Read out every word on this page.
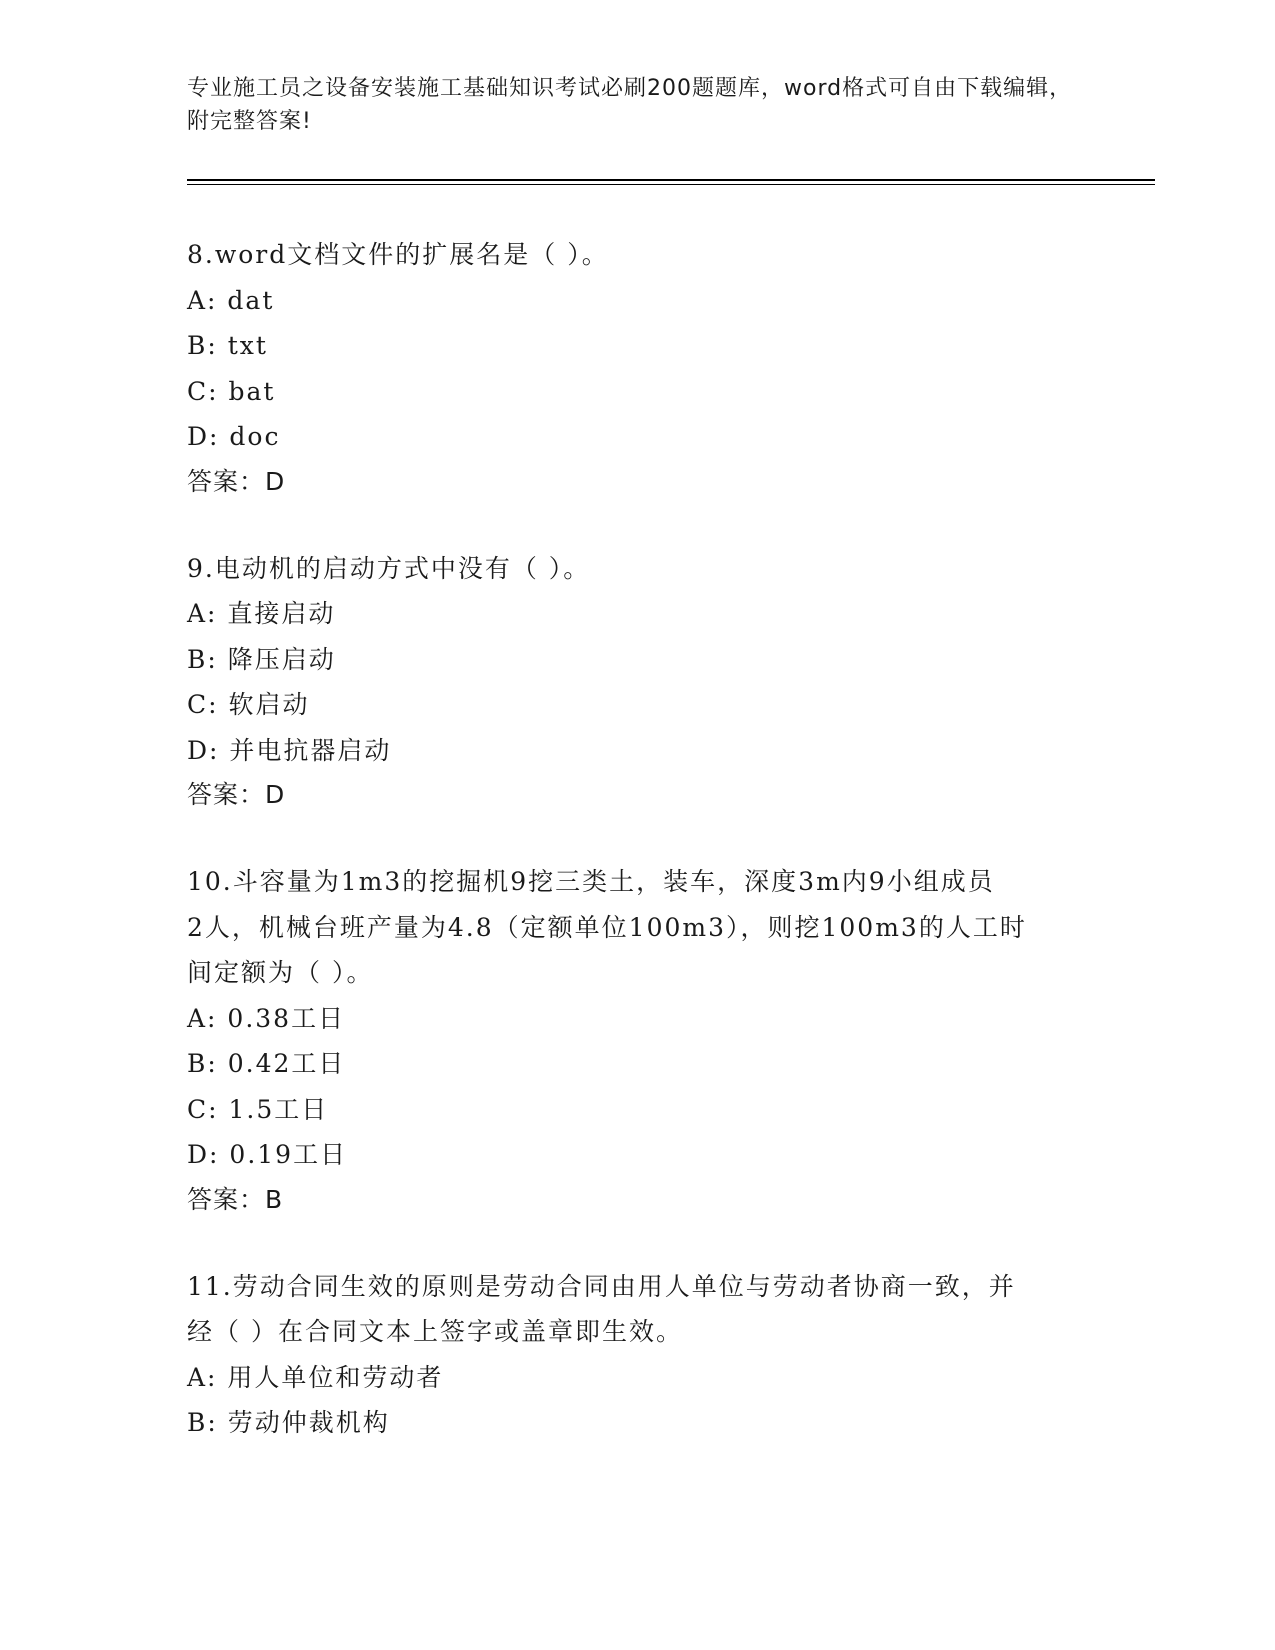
专业施工员之设备安装施工基础知识考试必刷200题题库，word格式可自由下载编辑，附完整答案!
8.word文档文件的扩展名是（ ）。
A: dat
B: txt
C: bat
D: doc
答案：D
9.电动机的启动方式中没有（ ）。
A: 直接启动
B: 降压启动
C: 软启动
D: 并电抗器启动
答案：D
10.斗容量为1m3的挖掘机9挖三类土，装车，深度3m内9小组成员
2人，机械台班产量为4.8（定额单位100m3），则挖100m3的人工时
间定额为（ ）。
A: 0.38工日
B: 0.42工日
C: 1.5工日
D: 0.19工日
答案：B
11.劳动合同生效的原则是劳动合同由用人单位与劳动者协商一致，并
经（ ）在合同文本上签字或盖章即生效。
A: 用人单位和劳动者
B: 劳动仲裁机构
